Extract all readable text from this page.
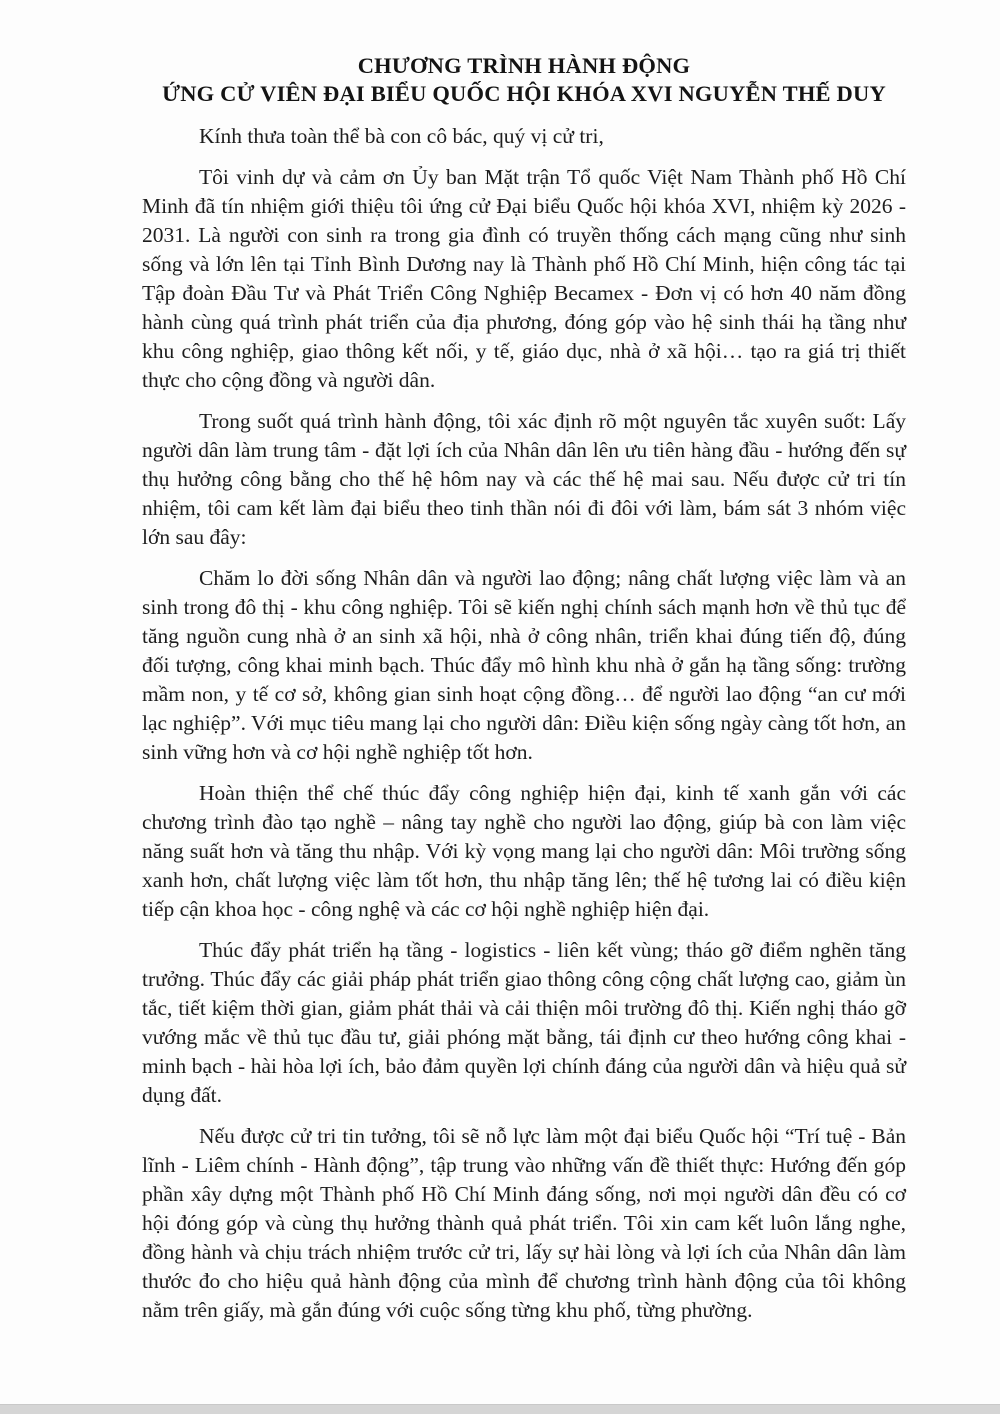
CHƯƠNG TRÌNH HÀNH ĐỘNG
ỨNG CỬ VIÊN ĐẠI BIỂU QUỐC HỘI KHÓA XVI NGUYỄN THẾ DUY

Kính thưa toàn thể bà con cô bác, quý vị cử tri,

Tôi vinh dự và cảm ơn Ủy ban Mặt trận Tổ quốc Việt Nam Thành phố Hồ Chí Minh đã tín nhiệm giới thiệu tôi ứng cử Đại biểu Quốc hội khóa XVI, nhiệm kỳ 2026 - 2031. Là người con sinh ra trong gia đình có truyền thống cách mạng cũng như sinh sống và lớn lên tại Tỉnh Bình Dương nay là Thành phố Hồ Chí Minh, hiện công tác tại Tập đoàn Đầu Tư và Phát Triển Công Nghiệp Becamex - Đơn vị có hơn 40 năm đồng hành cùng quá trình phát triển của địa phương, đóng góp vào hệ sinh thái hạ tầng như khu công nghiệp, giao thông kết nối, y tế, giáo dục, nhà ở xã hội… tạo ra giá trị thiết thực cho cộng đồng và người dân.

Trong suốt quá trình hành động, tôi xác định rõ một nguyên tắc xuyên suốt: Lấy người dân làm trung tâm - đặt lợi ích của Nhân dân lên ưu tiên hàng đầu - hướng đến sự thụ hưởng công bằng cho thế hệ hôm nay và các thế hệ mai sau. Nếu được cử tri tín nhiệm, tôi cam kết làm đại biểu theo tinh thần nói đi đôi với làm, bám sát 3 nhóm việc lớn sau đây:

Chăm lo đời sống Nhân dân và người lao động; nâng chất lượng việc làm và an sinh trong đô thị - khu công nghiệp. Tôi sẽ kiến nghị chính sách mạnh hơn về thủ tục để tăng nguồn cung nhà ở an sinh xã hội, nhà ở công nhân, triển khai đúng tiến độ, đúng đối tượng, công khai minh bạch. Thúc đẩy mô hình khu nhà ở gắn hạ tầng sống: trường mầm non, y tế cơ sở, không gian sinh hoạt cộng đồng… để người lao động “an cư mới lạc nghiệp”. Với mục tiêu mang lại cho người dân: Điều kiện sống ngày càng tốt hơn, an sinh vững hơn và cơ hội nghề nghiệp tốt hơn.

Hoàn thiện thể chế thúc đẩy công nghiệp hiện đại, kinh tế xanh gắn với các chương trình đào tạo nghề – nâng tay nghề cho người lao động, giúp bà con làm việc năng suất hơn và tăng thu nhập. Với kỳ vọng mang lại cho người dân: Môi trường sống xanh hơn, chất lượng việc làm tốt hơn, thu nhập tăng lên; thế hệ tương lai có điều kiện tiếp cận khoa học - công nghệ và các cơ hội nghề nghiệp hiện đại.

Thúc đẩy phát triển hạ tầng - logistics - liên kết vùng; tháo gỡ điểm nghẽn tăng trưởng. Thúc đẩy các giải pháp phát triển giao thông công cộng chất lượng cao, giảm ùn tắc, tiết kiệm thời gian, giảm phát thải và cải thiện môi trường đô thị. Kiến nghị tháo gỡ vướng mắc về thủ tục đầu tư, giải phóng mặt bằng, tái định cư theo hướng công khai - minh bạch - hài hòa lợi ích, bảo đảm quyền lợi chính đáng của người dân và hiệu quả sử dụng đất.

Nếu được cử tri tin tưởng, tôi sẽ nỗ lực làm một đại biểu Quốc hội “Trí tuệ - Bản lĩnh - Liêm chính - Hành động”, tập trung vào những vấn đề thiết thực: Hướng đến góp phần xây dựng một Thành phố Hồ Chí Minh đáng sống, nơi mọi người dân đều có cơ hội đóng góp và cùng thụ hưởng thành quả phát triển. Tôi xin cam kết luôn lắng nghe, đồng hành và chịu trách nhiệm trước cử tri, lấy sự hài lòng và lợi ích của Nhân dân làm thước đo cho hiệu quả hành động của mình để chương trình hành động của tôi không nằm trên giấy, mà gắn đúng với cuộc sống từng khu phố, từng phường.
